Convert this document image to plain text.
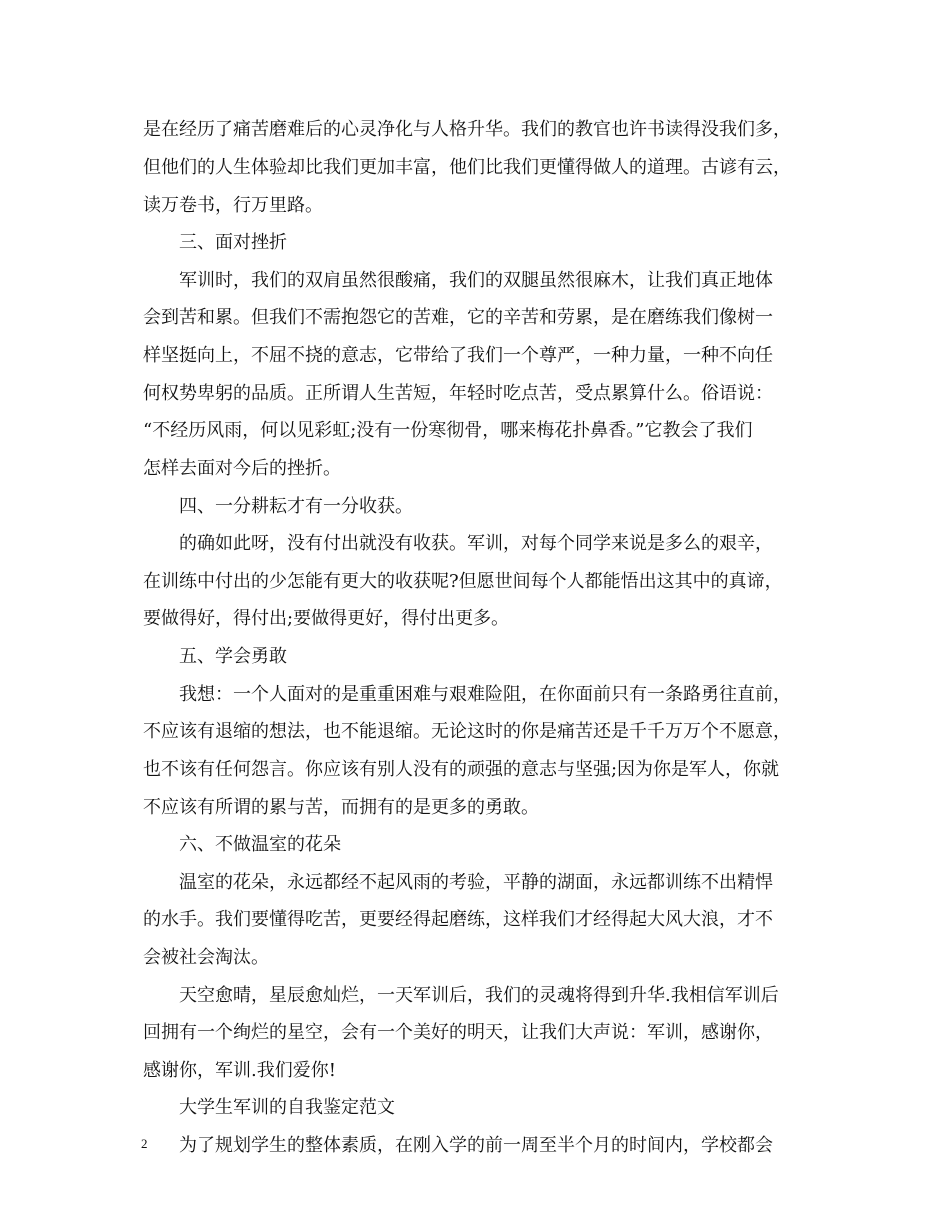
是在经历了痛苦磨难后的心灵净化与人格升华。我们的教官也许书读得没我们多，
但他们的人生体验却比我们更加丰富，他们比我们更懂得做人的道理。古谚有云，
读万卷书，行万里路。
三、面对挫折
军训时，我们的双肩虽然很酸痛，我们的双腿虽然很麻木，让我们真正地体
会到苦和累。但我们不需抱怨它的苦难，它的辛苦和劳累，是在磨练我们像树一
样坚挺向上，不屈不挠的意志，它带给了我们一个尊严，一种力量，一种不向任
何权势卑躬的品质。正所谓人生苦短，年轻时吃点苦，受点累算什么。俗语说：
“不经历风雨，何以见彩虹;没有一份寒彻骨，哪来梅花扑鼻香。”它教会了我们
怎样去面对今后的挫折。
四、一分耕耘才有一分收获。
的确如此呀，没有付出就没有收获。军训，对每个同学来说是多么的艰辛，
在训练中付出的少怎能有更大的收获呢?但愿世间每个人都能悟出这其中的真谛，
要做得好，得付出;要做得更好，得付出更多。
五、学会勇敢
我想：一个人面对的是重重困难与艰难险阻，在你面前只有一条路勇往直前，
不应该有退缩的想法，也不能退缩。无论这时的你是痛苦还是千千万万个不愿意，
也不该有任何怨言。你应该有别人没有的顽强的意志与坚强;因为你是军人，你就
不应该有所谓的累与苦，而拥有的是更多的勇敢。
六、不做温室的花朵
温室的花朵，永远都经不起风雨的考验，平静的湖面，永远都训练不出精悍
的水手。我们要懂得吃苦，更要经得起磨练，这样我们才经得起大风大浪，才不
会被社会淘汰。
天空愈晴，星辰愈灿烂，一天军训后，我们的灵魂将得到升华.我相信军训后
回拥有一个绚烂的星空，会有一个美好的明天，让我们大声说：军训，感谢你，
感谢你，军训.我们爱你!
大学生军训的自我鉴定范文
为了规划学生的整体素质，在刚入学的前一周至半个月的时间内，学校都会
2
